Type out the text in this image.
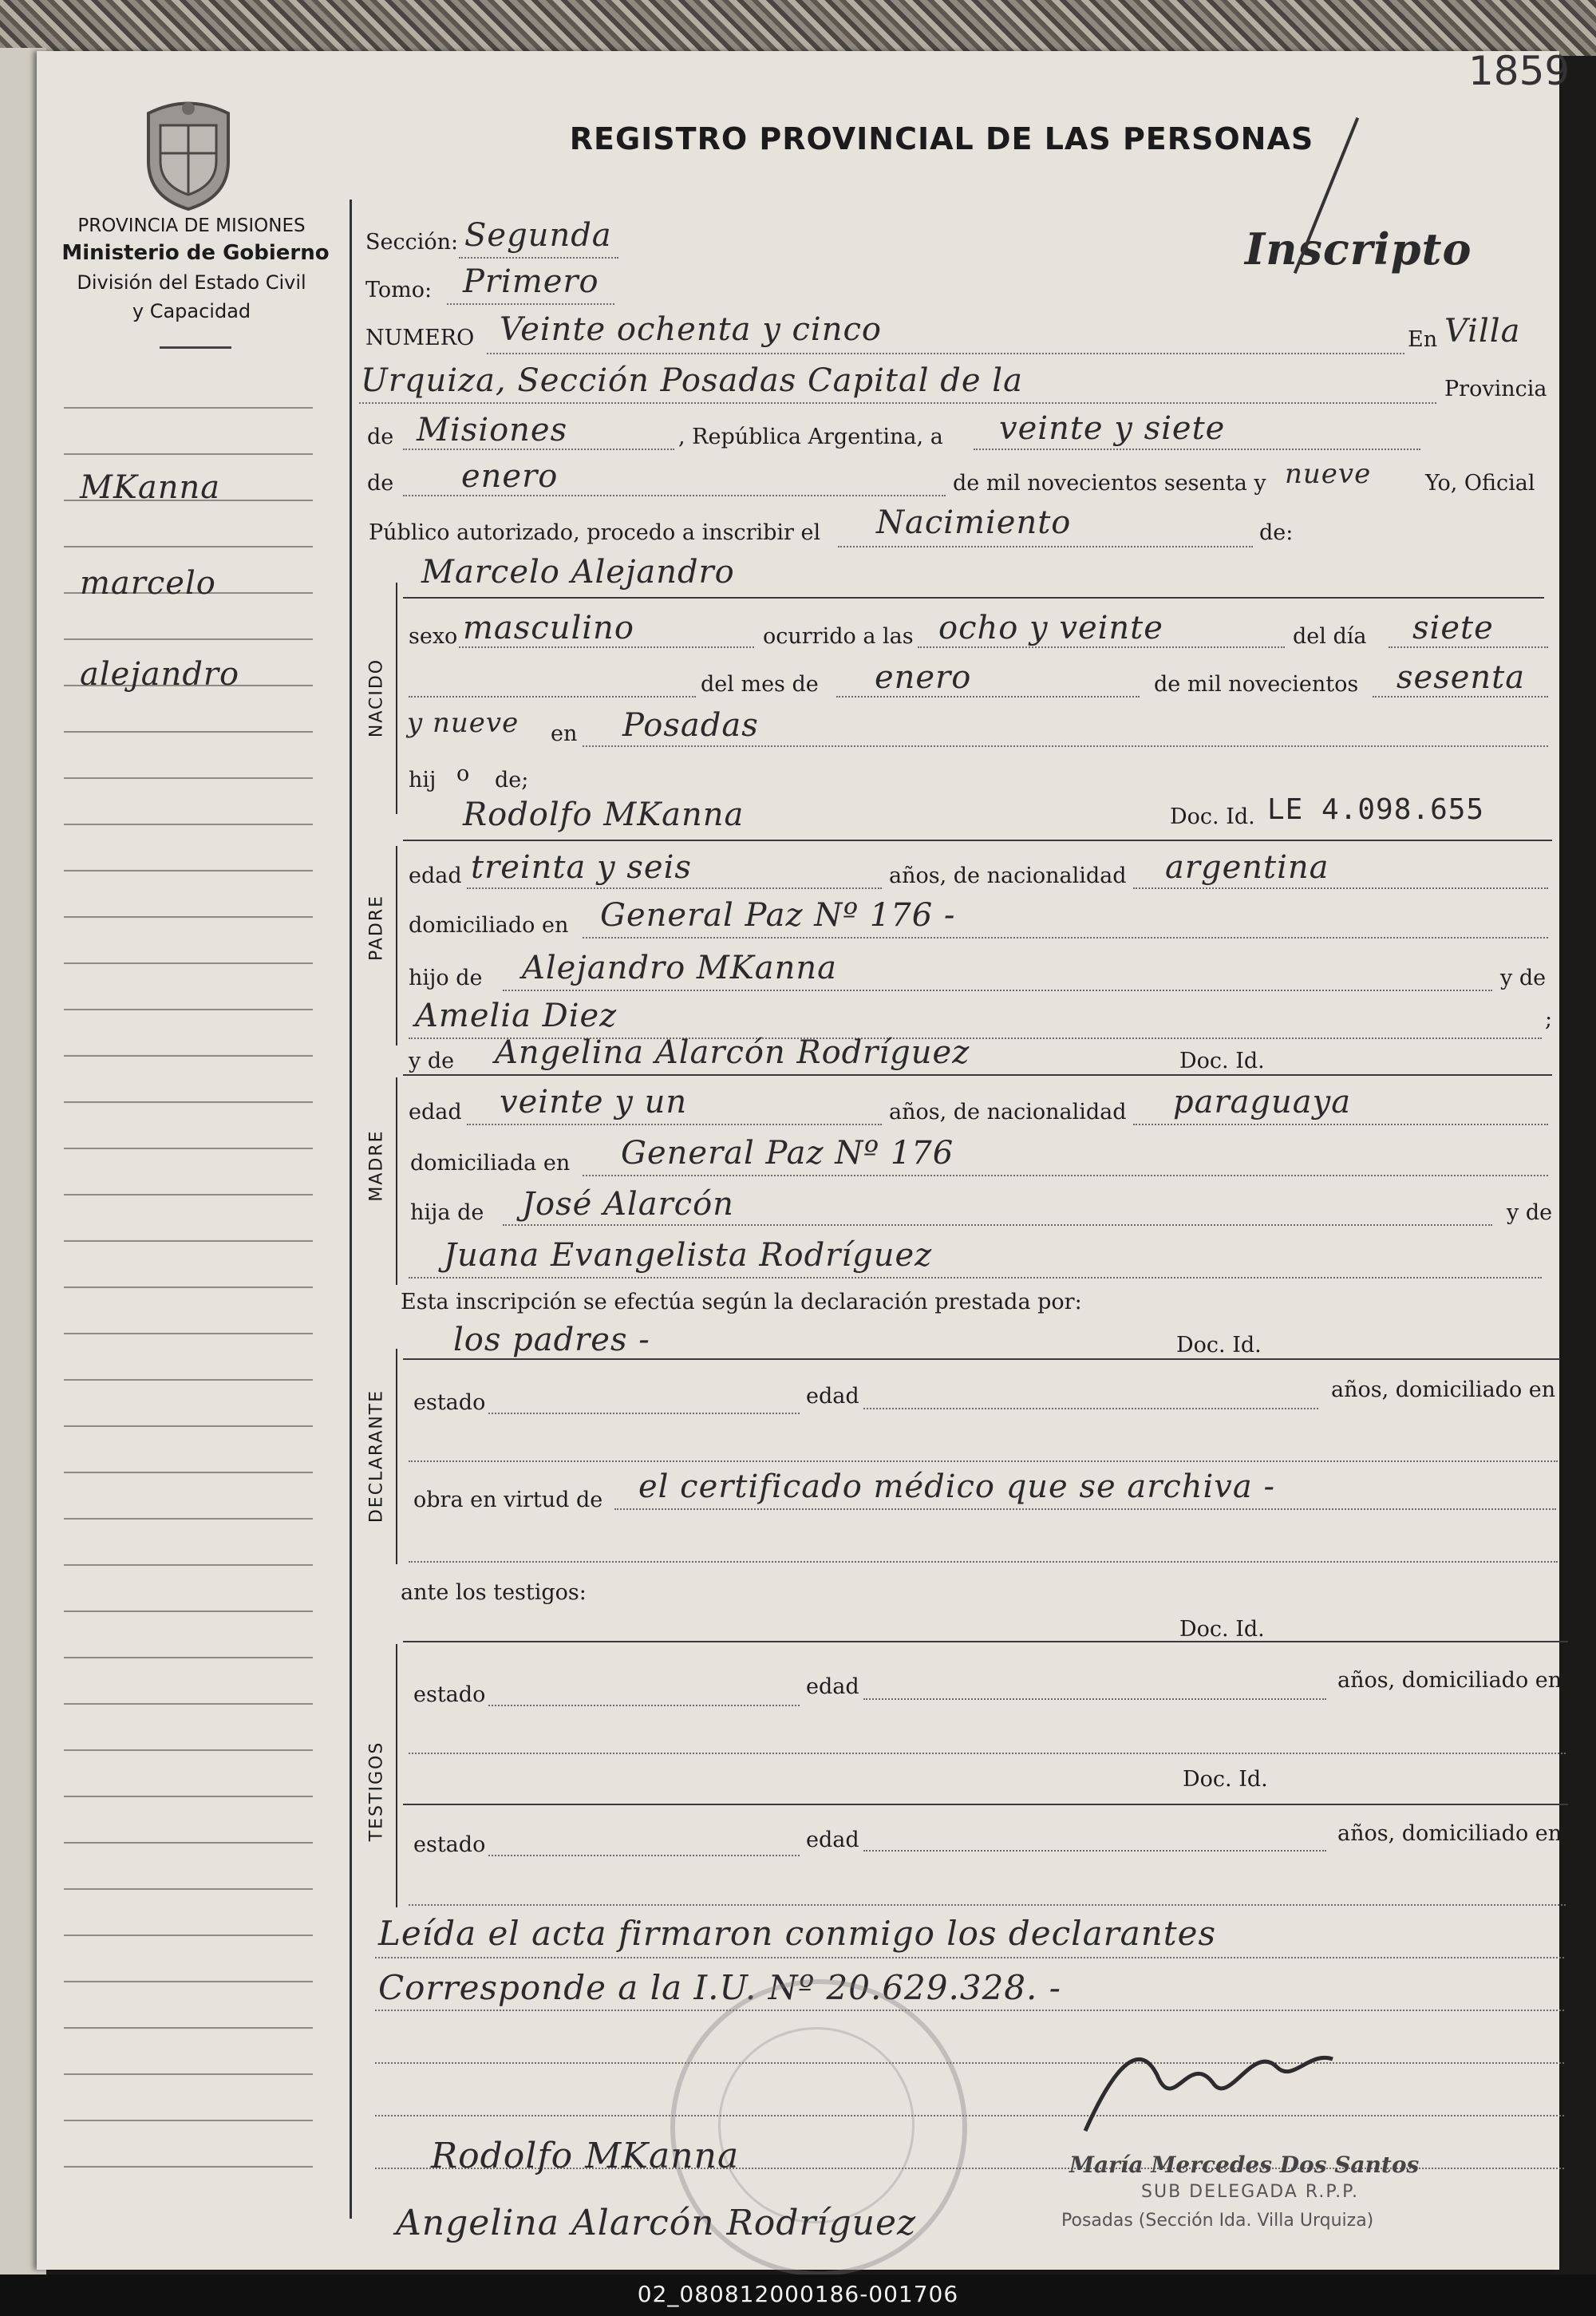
PROVINCIA DE MISIONES
Ministerio de Gobierno
División del Estado Civil
y Capacidad
REGISTRO PROVINCIAL DE LAS PERSONAS
1859
Inscripto
MKanna
marcelo
alejandro
Sección: Segunda
Tomo: Primero
NUMERO Veinte ochenta y cinco	En Villa
Urquiza, Sección Posadas Capital de la	Provincia
de Misiones	, República Argentina, a veinte y siete
de enero	de mil novecientos sesenta y nueve	Yo, Oficial
Público autorizado, procedo a inscribir el Nacimiento	de:
NACIDO
Marcelo Alejandro
sexo masculino	ocurrido a las ocho y veinte	del día siete
del mes de enero	de mil novecientos sesenta
y nueve en Posadas
hij o de;
PADRE
Rodolfo MKanna	Doc. Id. LE 4.098.655
edad treinta y seis	años, de nacionalidad argentina
domiciliado en General Paz Nº 176 -
hijo de Alejandro MKanna	y de
Amelia Diez	;
MADRE
y de Angelina Alarcón Rodríguez	Doc. Id.
edad veinte y un	años, de nacionalidad paraguaya
domiciliada en General Paz Nº 176
hija de José Alarcón	y de
Juana Evangelista Rodríguez
Esta inscripción se efectúa según la declaración prestada por:
DECLARANTE
los padres -	Doc. Id.
estado	edad	años, domiciliado en
obra en virtud de el certificado médico que se archiva -
ante los testigos:
TESTIGOS
Doc. Id.
estado	edad	años, domiciliado en
Doc. Id.
estado	edad	años, domiciliado en
Leída el acta firmaron conmigo los declarantes
Corresponde a la I.U. Nº 20.629.328. -
Rodolfo MKanna
Angelina Alarcón Rodríguez
María Mercedes Dos Santos
SUB DELEGADA R.P.P.
Posadas (Sección Ida. Villa Urquiza)
02_080812000186-001706
